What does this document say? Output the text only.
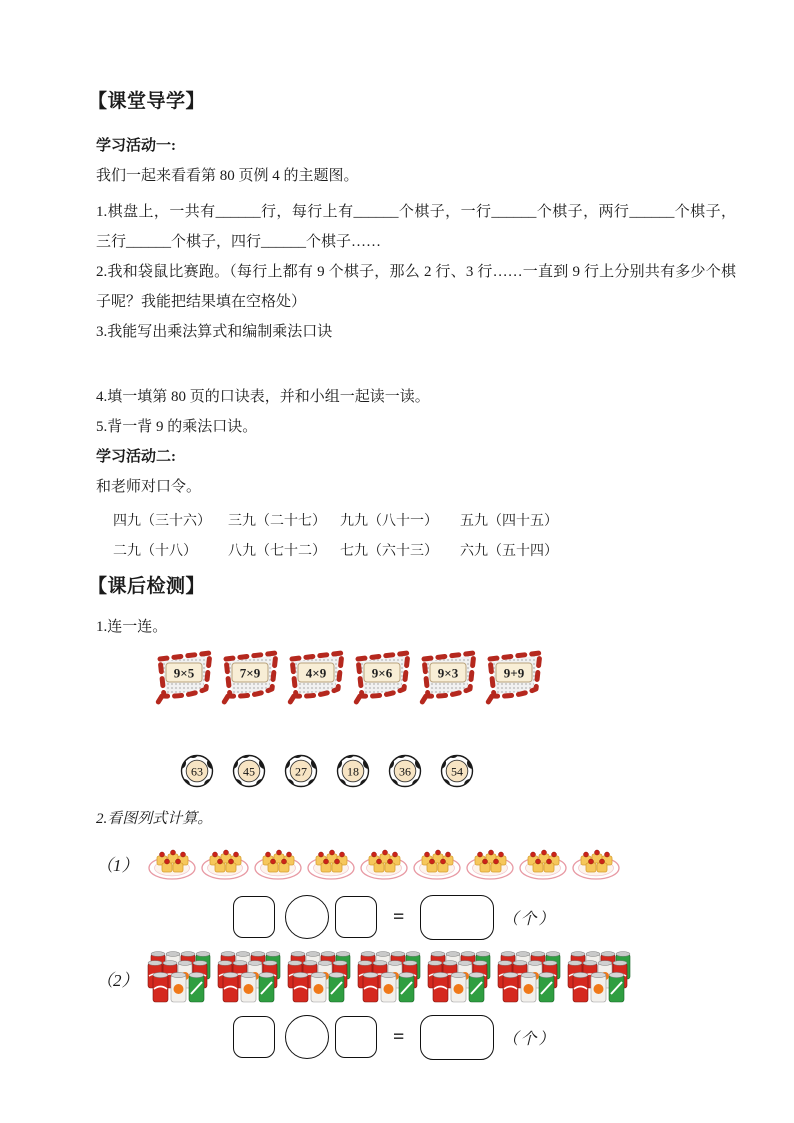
【课堂导学】
学习活动一:
我们一起来看看第 80 页例 4 的主题图。

1.棋盘上，一共有______行，每行上有______个棋子，一行______个棋子，两行______个棋子，三行______个棋子，四行______个棋子……

2.我和袋鼠比赛跑。（每行上都有 9 个棋子，那么 2 行、3 行……一直到 9 行上分别共有多少个棋子呢？我能把结果填在空格处）

3.我能写出乘法算式和编制乘法口诀

4.填一填第 80 页的口诀表，并和小组一起读一读。

5.背一背 9 的乘法口诀。

学习活动二:
和老师对口令。
四九（三十六）	三九（二十七）	九九（八十一）	五九（四十五）
二九（十八）	八九（七十二）	七九（六十三）	六九（五十四）
【课后检测】
1.连一连。
9×5	7×9	4×9	9×6	9×3	9+9
63	45	27	18	36	54
2.看图列式计算。
（1）
=	（个）
（2）
=	（个）
